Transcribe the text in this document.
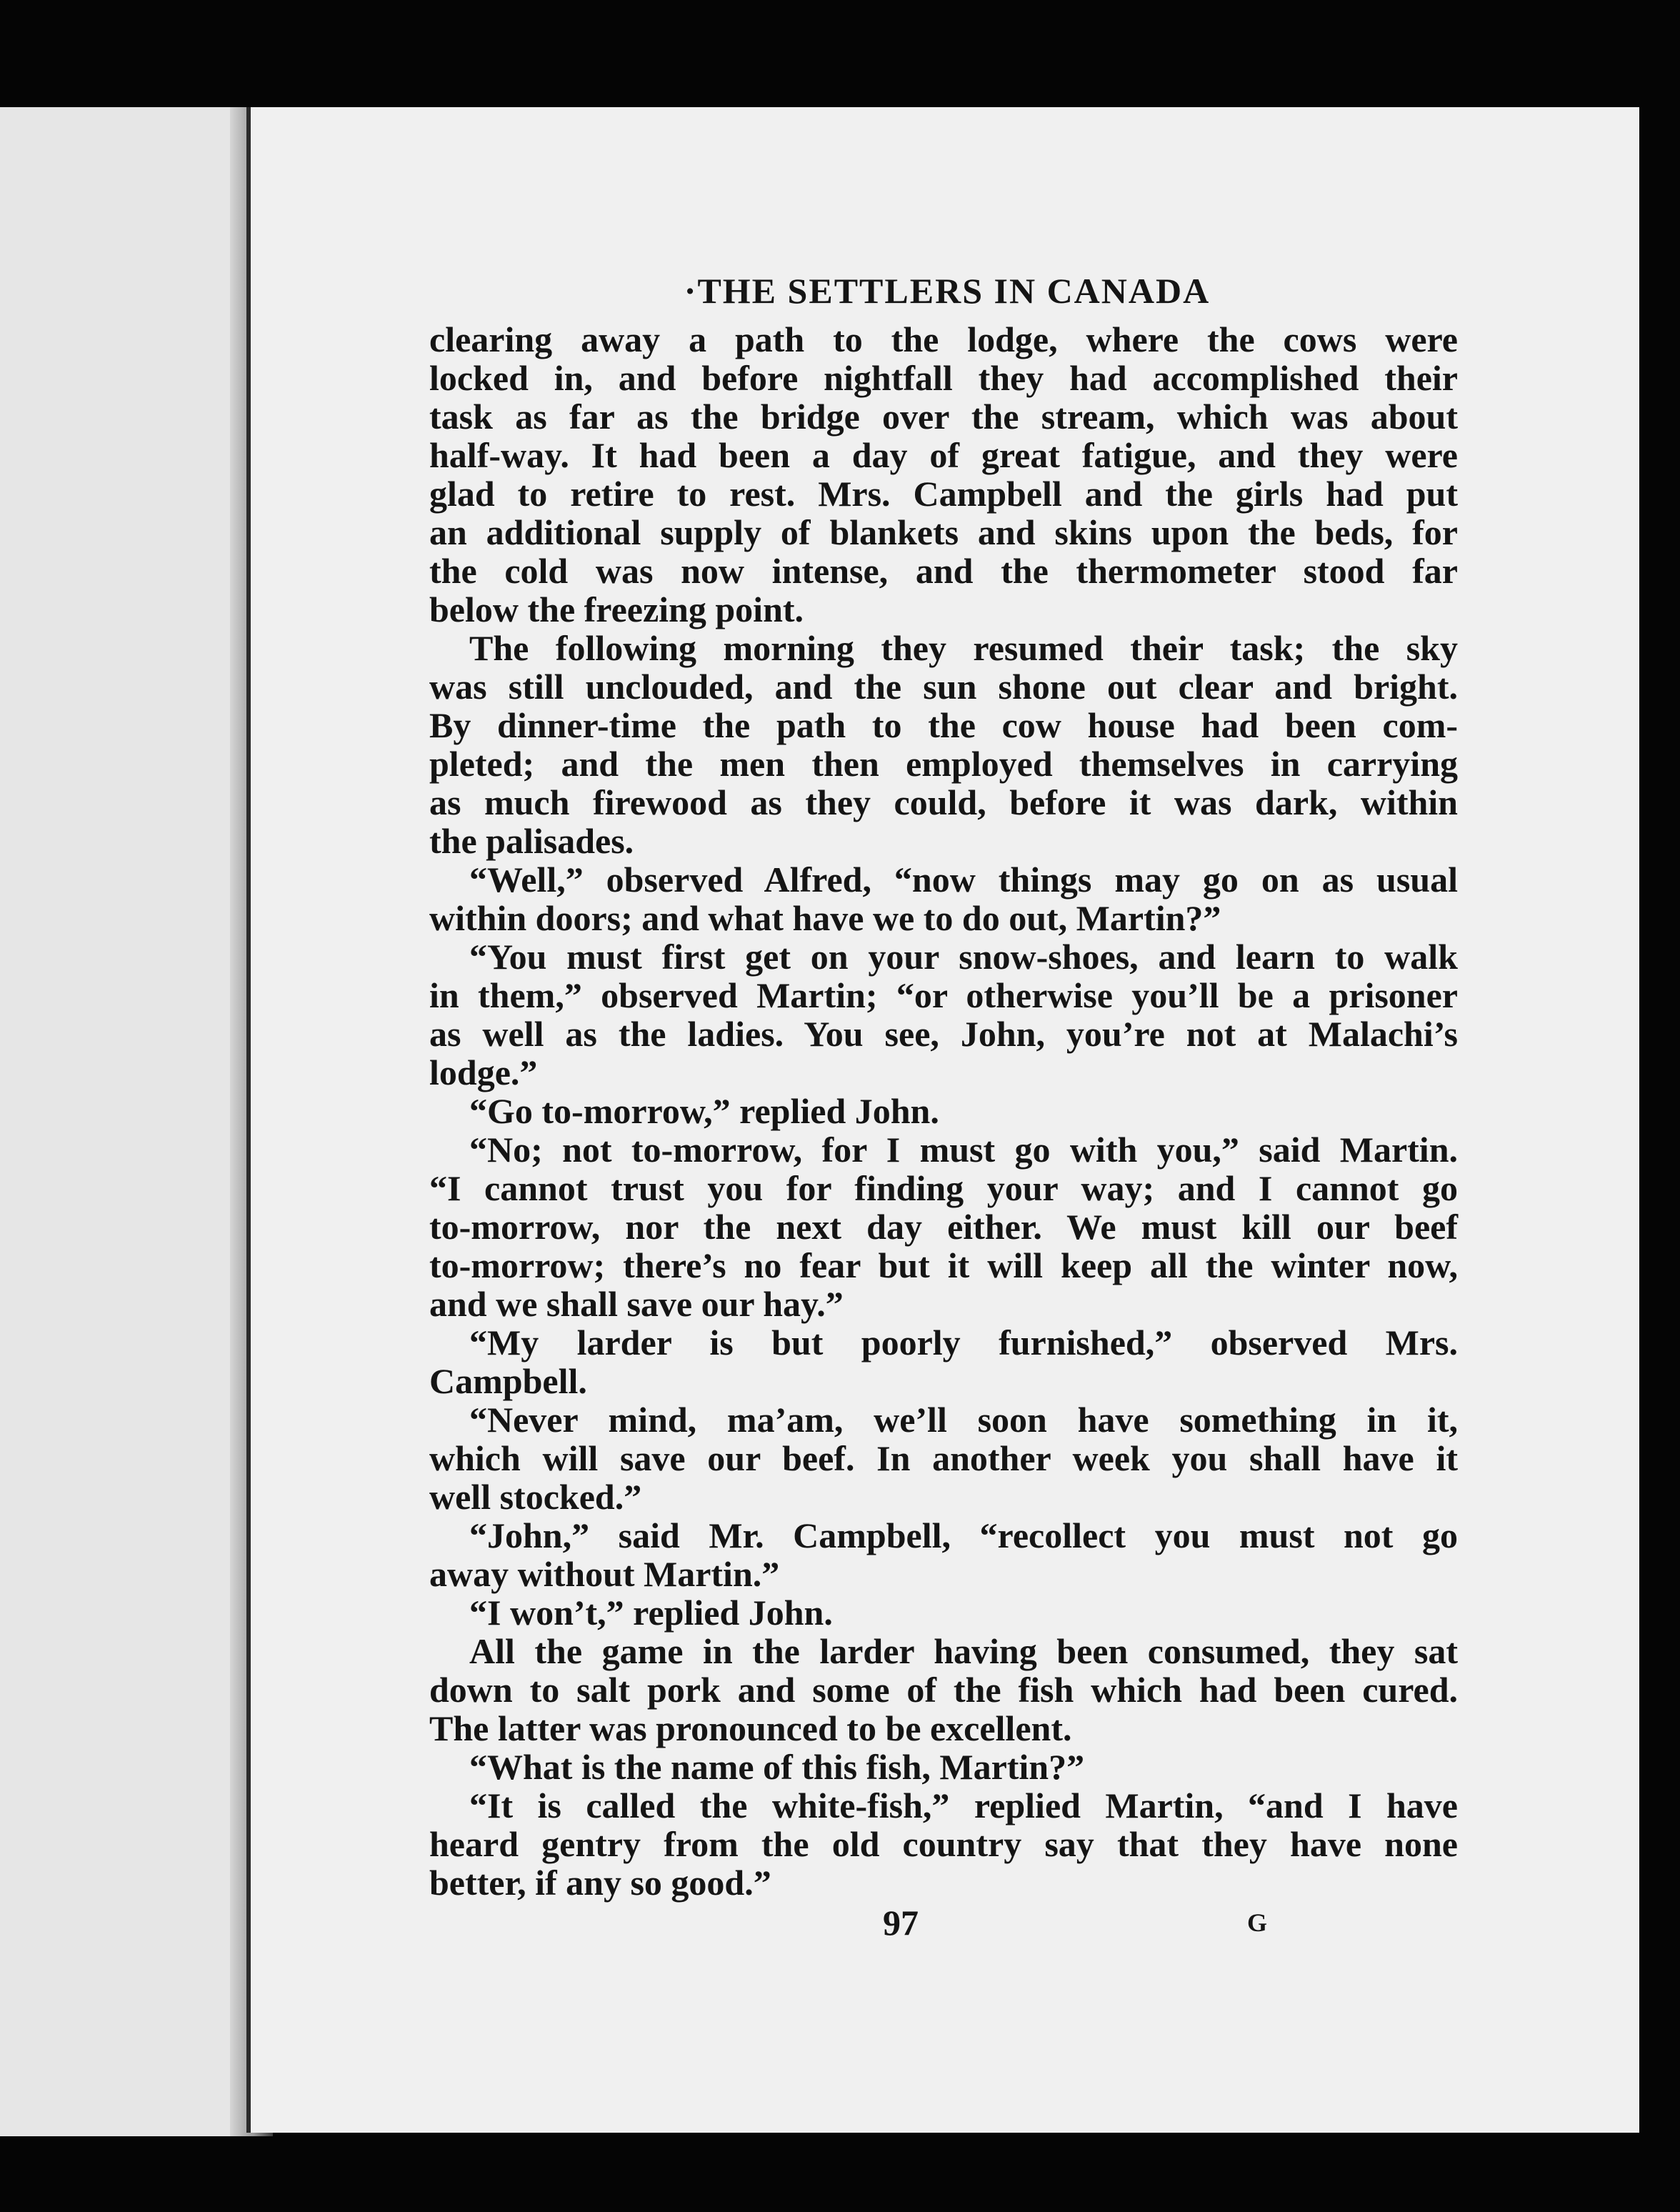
·THE SETTLERS IN CANADA
clearing away a path to the lodge, where the cows were
locked in, and before nightfall they had accomplished their
task as far as the bridge over the stream, which was about
half-way. It had been a day of great fatigue, and they were
glad to retire to rest. Mrs. Campbell and the girls had put
an additional supply of blankets and skins upon the beds, for
the cold was now intense, and the thermometer stood far
below the freezing point.
The following morning they resumed their task; the sky
was still unclouded, and the sun shone out clear and bright.
By dinner-time the path to the cow house had been com-
pleted; and the men then employed themselves in carrying
as much firewood as they could, before it was dark, within
the palisades.
“Well,” observed Alfred, “now things may go on as usual
within doors; and what have we to do out, Martin?”
“You must first get on your snow-shoes, and learn to walk
in them,” observed Martin; “or otherwise you’ll be a prisoner
as well as the ladies. You see, John, you’re not at Malachi’s
lodge.”
“Go to-morrow,” replied John.
“No; not to-morrow, for I must go with you,” said Martin.
“I cannot trust you for finding your way; and I cannot go
to-morrow, nor the next day either. We must kill our beef
to-morrow; there’s no fear but it will keep all the winter now,
and we shall save our hay.”
“My larder is but poorly furnished,” observed Mrs.
Campbell.
“Never mind, ma’am, we’ll soon have something in it,
which will save our beef. In another week you shall have it
well stocked.”
“John,” said Mr. Campbell, “recollect you must not go
away without Martin.”
“I won’t,” replied John.
All the game in the larder having been consumed, they sat
down to salt pork and some of the fish which had been cured.
The latter was pronounced to be excellent.
“What is the name of this fish, Martin?”
“It is called the white-fish,” replied Martin, “and I have
heard gentry from the old country say that they have none
better, if any so good.”
97	G
